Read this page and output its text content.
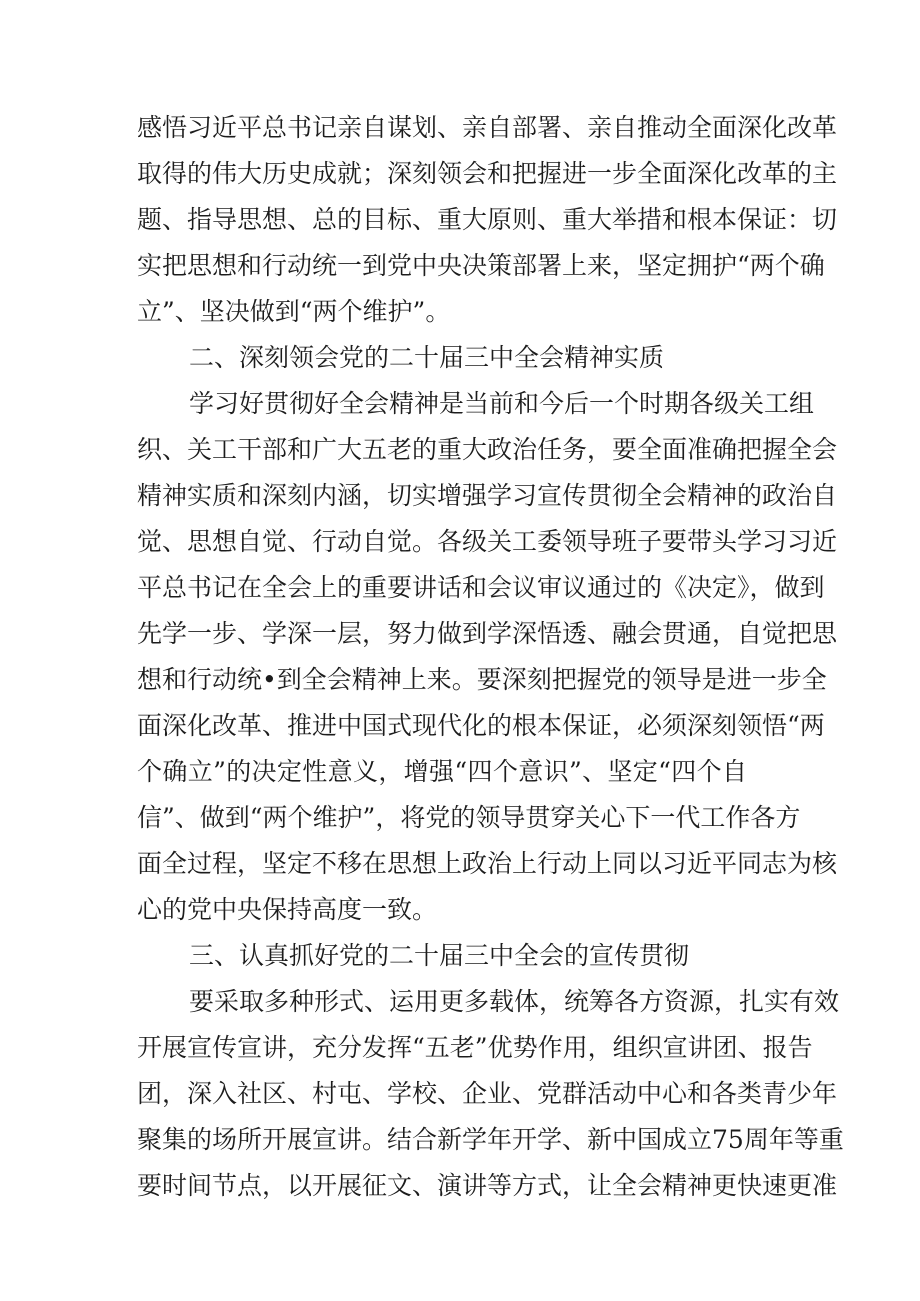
感悟习近平总书记亲自谋划、亲自部署、亲自推动全面深化改革
取得的伟大历史成就；深刻领会和把握进一步全面深化改革的主
题、指导思想、总的目标、重大原则、重大举措和根本保证：切
实把思想和行动统一到党中央决策部署上来，坚定拥护“两个确
立”、坚决做到“两个维护”。
二、深刻领会党的二十届三中全会精神实质
学习好贯彻好全会精神是当前和今后一个时期各级关工组
织、关工干部和广大五老的重大政治任务，要全面准确把握全会
精神实质和深刻内涵，切实增强学习宣传贯彻全会精神的政治自
觉、思想自觉、行动自觉。各级关工委领导班子要带头学习习近
平总书记在全会上的重要讲话和会议审议通过的《决定》，做到
先学一步、学深一层，努力做到学深悟透、融会贯通，自觉把思
想和行动统•到全会精神上来。要深刻把握党的领导是进一步全
面深化改革、推进中国式现代化的根本保证，必须深刻领悟“两
个确立”的决定性意义，增强“四个意识”、坚定“四个自
信”、做到“两个维护”，将党的领导贯穿关心下一代工作各方
面全过程，坚定不移在思想上政治上行动上同以习近平同志为核
心的党中央保持高度一致。
三、认真抓好党的二十届三中全会的宣传贯彻
要采取多种形式、运用更多载体，统筹各方资源，扎实有效
开展宣传宣讲，充分发挥“五老”优势作用，组织宣讲团、报告
团，深入社区、村屯、学校、企业、党群活动中心和各类青少年
聚集的场所开展宣讲。结合新学年开学、新中国成立75周年等重
要时间节点，以开展征文、演讲等方式，让全会精神更快速更准
